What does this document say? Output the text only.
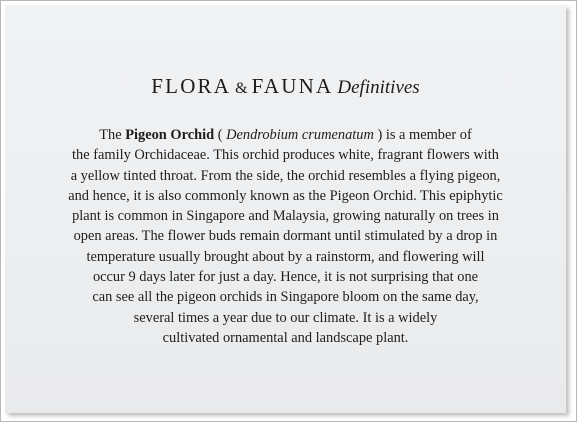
FLORA & FAUNA Definitives
The Pigeon Orchid ( Dendrobium crumenatum ) is a member of
the family Orchidaceae. This orchid produces white, fragrant flowers with
a yellow tinted throat. From the side, the orchid resembles a flying pigeon,
and hence, it is also commonly known as the Pigeon Orchid. This epiphytic
plant is common in Singapore and Malaysia, growing naturally on trees in
open areas. The flower buds remain dormant until stimulated by a drop in
temperature usually brought about by a rainstorm, and flowering will
occur 9 days later for just a day. Hence, it is not surprising that one
can see all the pigeon orchids in Singapore bloom on the same day,
several times a year due to our climate. It is a widely
cultivated ornamental and landscape plant.
